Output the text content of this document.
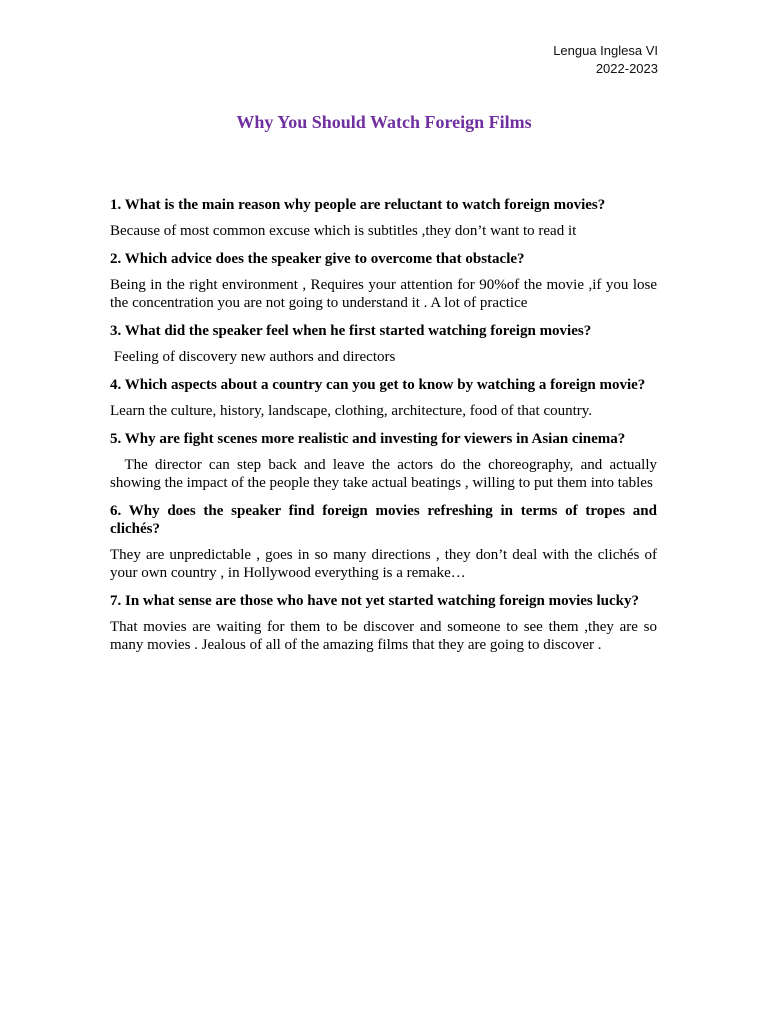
Lengua Inglesa VI
2022-2023
Why You Should Watch Foreign Films

1. What is the main reason why people are reluctant to watch foreign movies?

Because of most common excuse which is subtitles ,they don’t want to read it

2. Which advice does the speaker give to overcome that obstacle?

Being in the right environment , Requires your attention for 90%of the movie ,if you lose the concentration you are not going to understand it . A lot of practice

3. What did the speaker feel when he first started watching foreign movies?

Feeling of discovery new authors and directors

4. Which aspects about a country can you get to know by watching a foreign movie?

Learn the culture, history, landscape, clothing, architecture, food of that country.

5. Why are fight scenes more realistic and investing for viewers in Asian cinema?

The director can step back and leave the actors do the choreography, and actually showing the impact of the people they take actual beatings , willing to put them into tables

6. Why does the speaker find foreign movies refreshing in terms of tropes and clichés?

They are unpredictable , goes in so many directions , they don’t deal with the clichés of your own country , in Hollywood everything is a remake…

7. In what sense are those who have not yet started watching foreign movies lucky?

That movies are waiting for them to be discover and someone to see them ,they are so many movies . Jealous of all of the amazing films that they are going to discover .
